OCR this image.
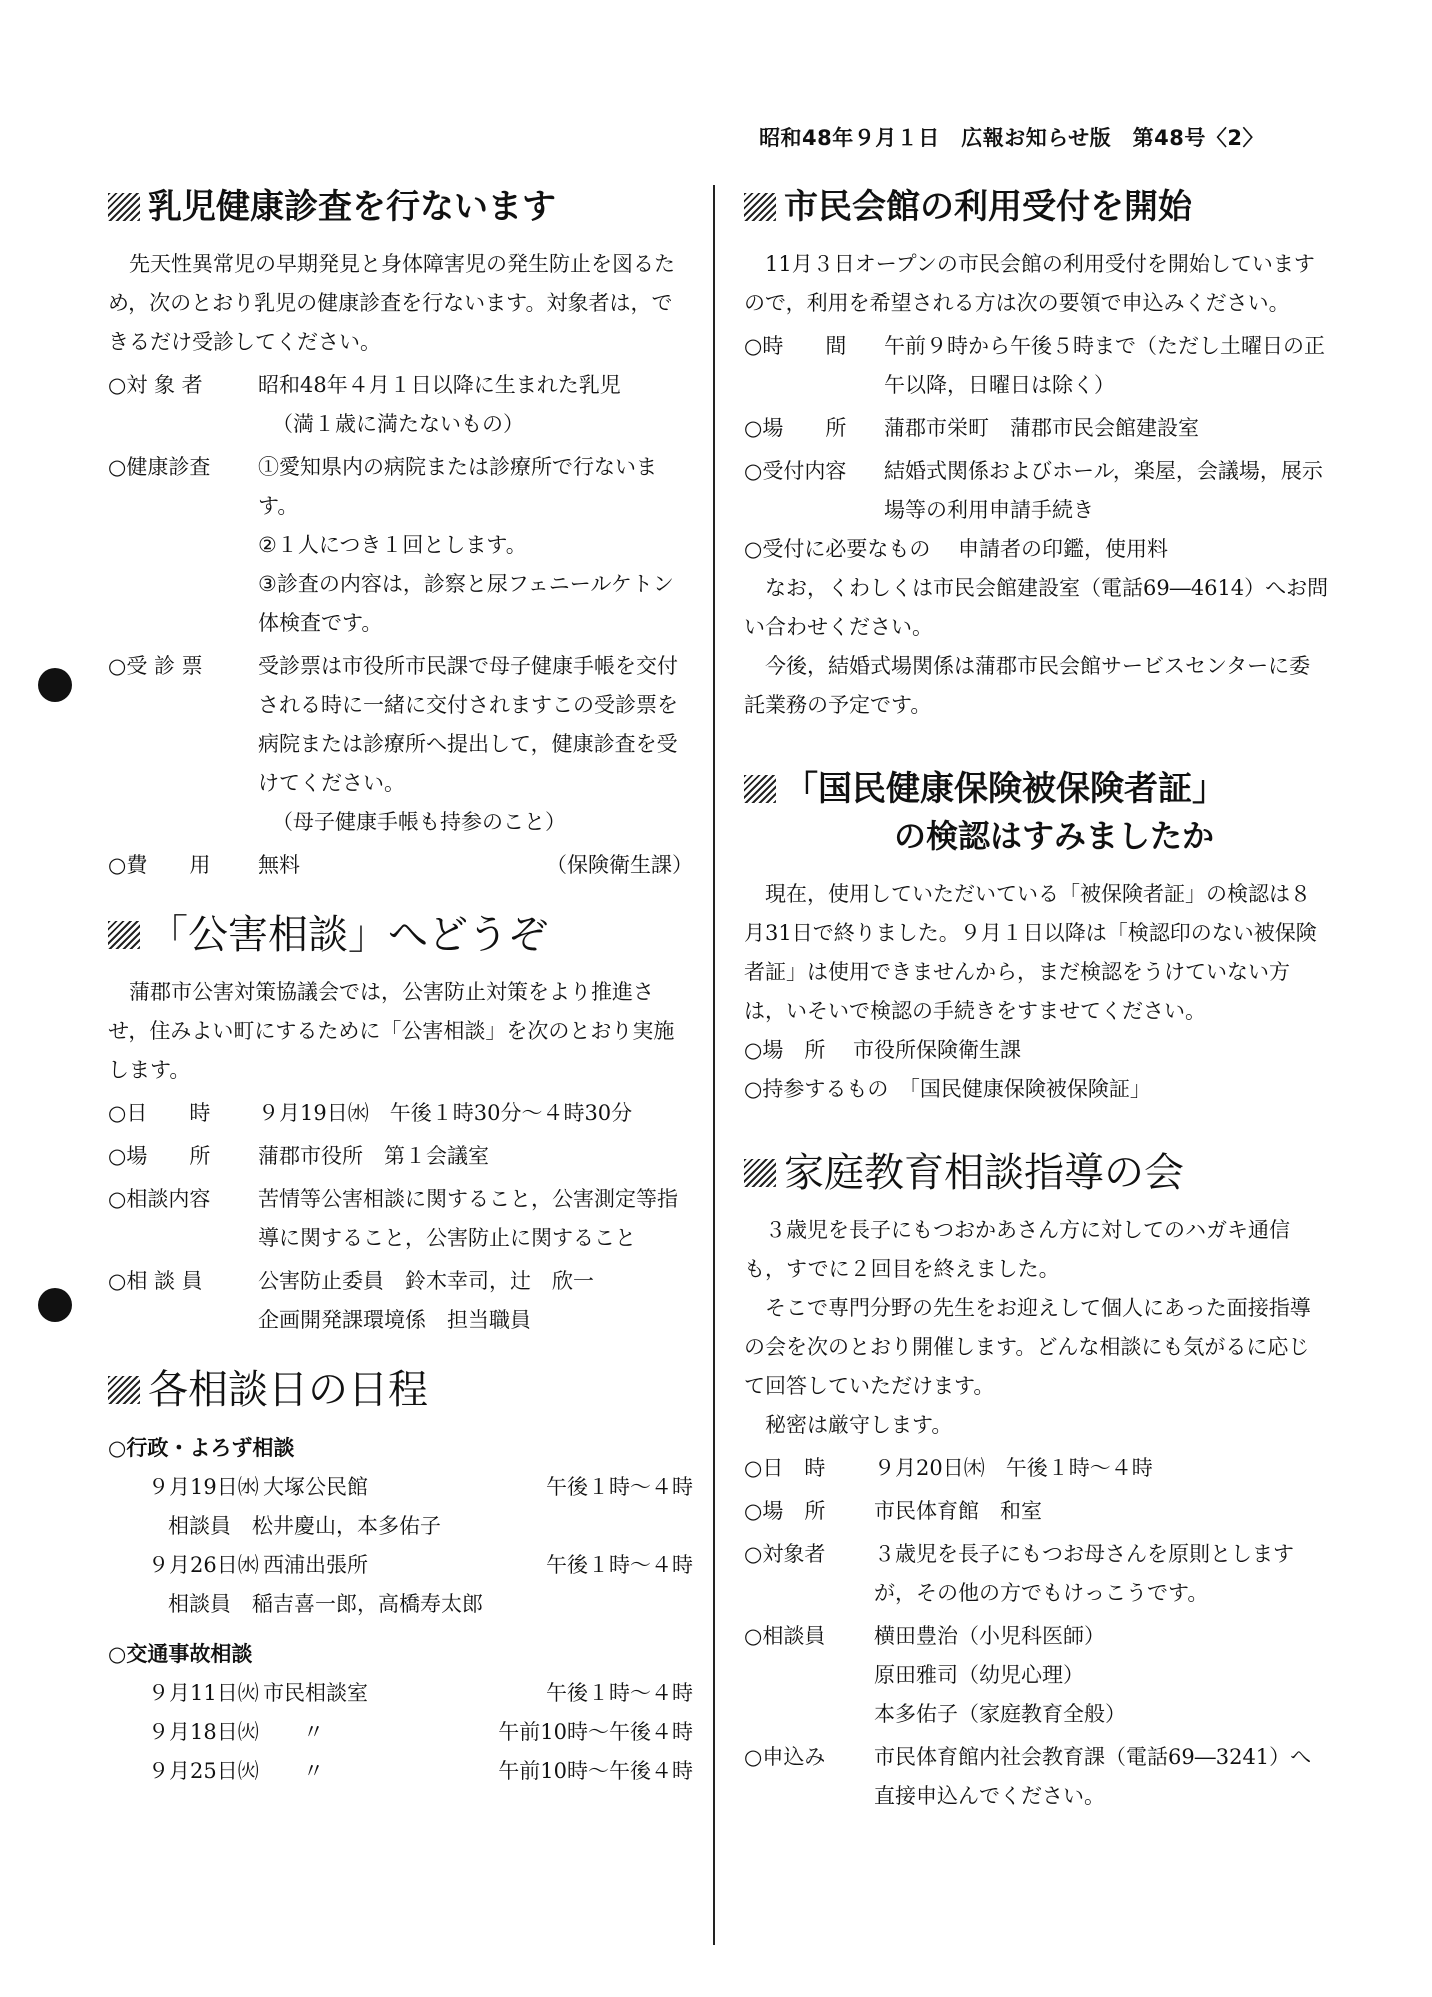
昭和48年９月１日　広報お知らせ版　第48号〈2〉
乳児健康診査を行ないます

先天性異常児の早期発見と身体障害児の発生防止を図るため，次のとおり乳児の健康診査を行ないます。対象者は，できるだけ受診してください。

○対 象 者	昭和48年４月１日以降に生まれた乳児
（満１歳に満たないもの）
○健康診査	①愛知県内の病院または診療所で行ないます。
②１人につき１回とします。
③診査の内容は，診察と尿フェニールケトン体検査です。
○受 診 票	受診票は市役所市民課で母子健康手帳を交付される時に一緒に交付されますこの受診票を病院または診療所へ提出して，健康診査を受けてください。
（母子健康手帳も持参のこと）
○費　　用	無料	（保険衛生課）
「公害相談」へどうぞ

蒲郡市公害対策協議会では，公害防止対策をより推進させ，住みよい町にするために「公害相談」を次のとおり実施します。

○日　　時	９月19日㈬　午後１時30分～４時30分
○場　　所	蒲郡市役所　第１会議室
○相談内容	苦情等公害相談に関すること，公害測定等指導に関すること，公害防止に関すること
○相 談 員	公害防止委員　鈴木幸司，辻　欣一
企画開発課環境係　担当職員
各相談日の日程
○行政・よろず相談
９月19日㈬ 大塚公民館	午後１時～４時
相談員　松井慶山，本多佑子
９月26日㈬ 西浦出張所	午後１時～４時
相談員　稲吉喜一郎，高橋寿太郎
○交通事故相談
９月11日㈫ 市民相談室	午後１時～４時
９月18日㈫	〃	午前10時～午後４時
９月25日㈫	〃	午前10時～午後４時
市民会館の利用受付を開始

11月３日オープンの市民会館の利用受付を開始していますので，利用を希望される方は次の要領で申込みください。

○時　　間	午前９時から午後５時まで（ただし土曜日の正午以降，日曜日は除く）
○場　　所	蒲郡市栄町　蒲郡市民会館建設室
○受付内容	結婚式関係およびホール，楽屋，会議場，展示場等の利用申請手続き
○受付に必要なもの　 申請者の印鑑，使用料

なお，くわしくは市民会館建設室（電話69―4614）へお問い合わせください。

今後，結婚式場関係は蒲郡市民会館サービスセンターに委託業務の予定です。

「国民健康保険被保険者証」
の検認はすみましたか

現在，使用していただいている「被保険者証」の検認は８月31日で終りました。９月１日以降は「検認印のない被保険者証」は使用できませんから，まだ検認をうけていない方は，いそいで検認の手続きをすませてください。

○場　所　 市役所保険衛生課
○持参するもの　「国民健康保険被保険証」
家庭教育相談指導の会

３歳児を長子にもつおかあさん方に対してのハガキ通信も，すでに２回目を終えました。

そこで専門分野の先生をお迎えして個人にあった面接指導の会を次のとおり開催します。どんな相談にも気がるに応じて回答していただけます。

秘密は厳守します。

○日　時	９月20日㈭　午後１時～４時
○場　所	市民体育館　和室
○対象者	３歳児を長子にもつお母さんを原則としますが，その他の方でもけっこうです。
○相談員	横田豊治（小児科医師）
原田雅司（幼児心理）
本多佑子（家庭教育全般）
○申込み	市民体育館内社会教育課（電話69―3241）へ直接申込んでください。
